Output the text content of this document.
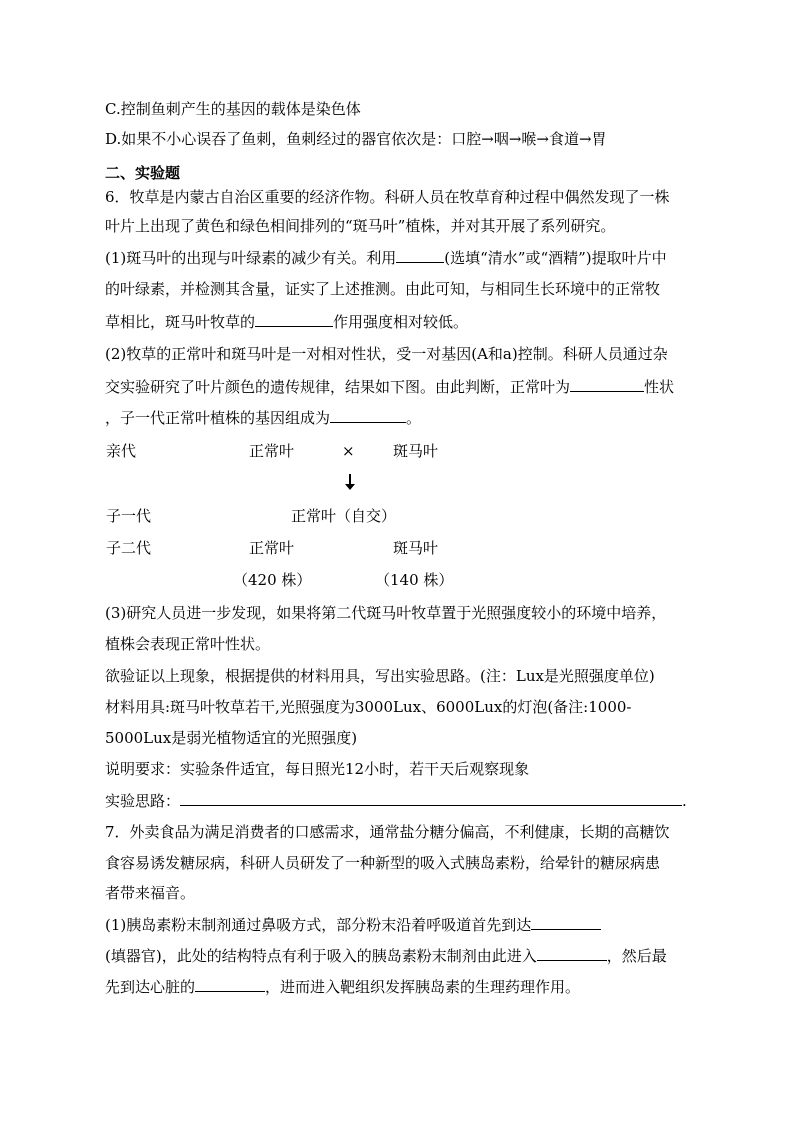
C.控制鱼刺产生的基因的载体是染色体
D.如果不小心误吞了鱼刺，鱼刺经过的器官依次是：口腔→咽→喉→食道→胃
二、实验题
6．牧草是内蒙古自治区重要的经济作物。科研人员在牧草育种过程中偶然发现了一株
叶片上出现了黄色和绿色相间排列的“斑马叶”植株，并对其开展了系列研究。
(1)斑马叶的出现与叶绿素的减少有关。利用	(选填“清水”或“酒精”)提取叶片中
的叶绿素，并检测其含量，证实了上述推测。由此可知，与相同生长环境中的正常牧
草相比，斑马叶牧草的	作用强度相对较低。
(2)牧草的正常叶和斑马叶是一对相对性状，受一对基因(A和a)控制。科研人员通过杂
交实验研究了叶片颜色的遗传规律，结果如下图。由此判断，正常叶为	性状
，子一代正常叶植株的基因组成为	。
亲代	正常叶	×	斑马叶
子一代	正常叶（自交）
子二代	正常叶	斑马叶
（420 株）	（140 株）
(3)研究人员进一步发现，如果将第二代斑马叶牧草置于光照强度较小的环境中培养，
植株会表现正常叶性状。
欲验证以上现象，根据提供的材料用具，写出实验思路。(注：Lux是光照强度单位)
材料用具:斑马叶牧草若干,光照强度为3000Lux、6000Lux的灯泡(备注:1000-
5000Lux是弱光植物适宜的光照强度)
说明要求：实验条件适宜，每日照光12小时，若干天后观察现象
实验思路：	.
7．外卖食品为满足消费者的口感需求，通常盐分糖分偏高，不利健康，长期的高糖饮
食容易诱发糖尿病，科研人员研发了一种新型的吸入式胰岛素粉，给晕针的糖尿病患
者带来福音。
(1)胰岛素粉末制剂通过鼻吸方式，部分粉末沿着呼吸道首先到达
(填器官)，此处的结构特点有利于吸入的胰岛素粉末制剂由此进入	，然后最
先到达心脏的	，进而进入靶组织发挥胰岛素的生理药理作用。
